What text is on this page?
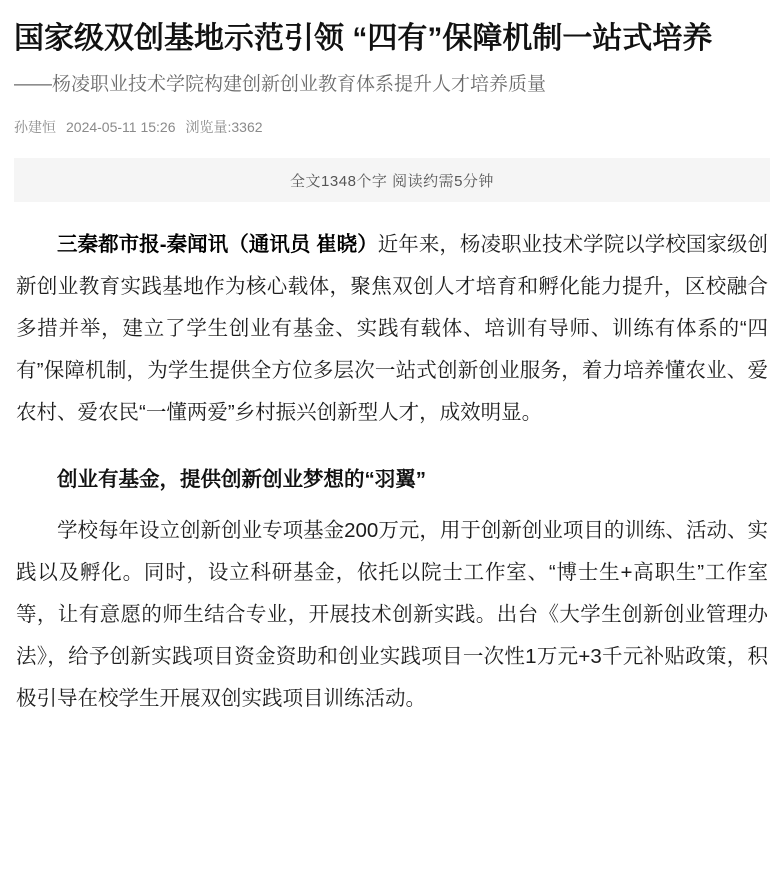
国家级双创基地示范引领 “四有”保障机制一站式培养
——杨凌职业技术学院构建创新创业教育体系提升人才培养质量
孙建恒 2024-05-11 15:26 浏览量:3362
全文1348个字 阅读约需5分钟

三秦都市报-秦闻讯（通讯员 崔晓）近年来，杨凌职业技术学院以学校国家级创新创业教育实践基地作为核心载体，聚焦双创人才培育和孵化能力提升，区校融合多措并举，建立了学生创业有基金、实践有载体、培训有导师、训练有体系的“四有”保障机制，为学生提供全方位多层次一站式创新创业服务，着力培养懂农业、爱农村、爱农民“一懂两爱”乡村振兴创新型人才，成效明显。

创业有基金，提供创新创业梦想的“羽翼”

学校每年设立创新创业专项基金200万元，用于创新创业项目的训练、活动、实践以及孵化。同时，设立科研基金，依托以院士工作室、“博士生+高职生”工作室等，让有意愿的师生结合专业，开展技术创新实践。出台《大学生创新创业管理办法》，给予创新实践项目资金资助和创业实践项目一次性1万元+3千元补贴政策，积极引导在校学生开展双创实践项目训练活动。
